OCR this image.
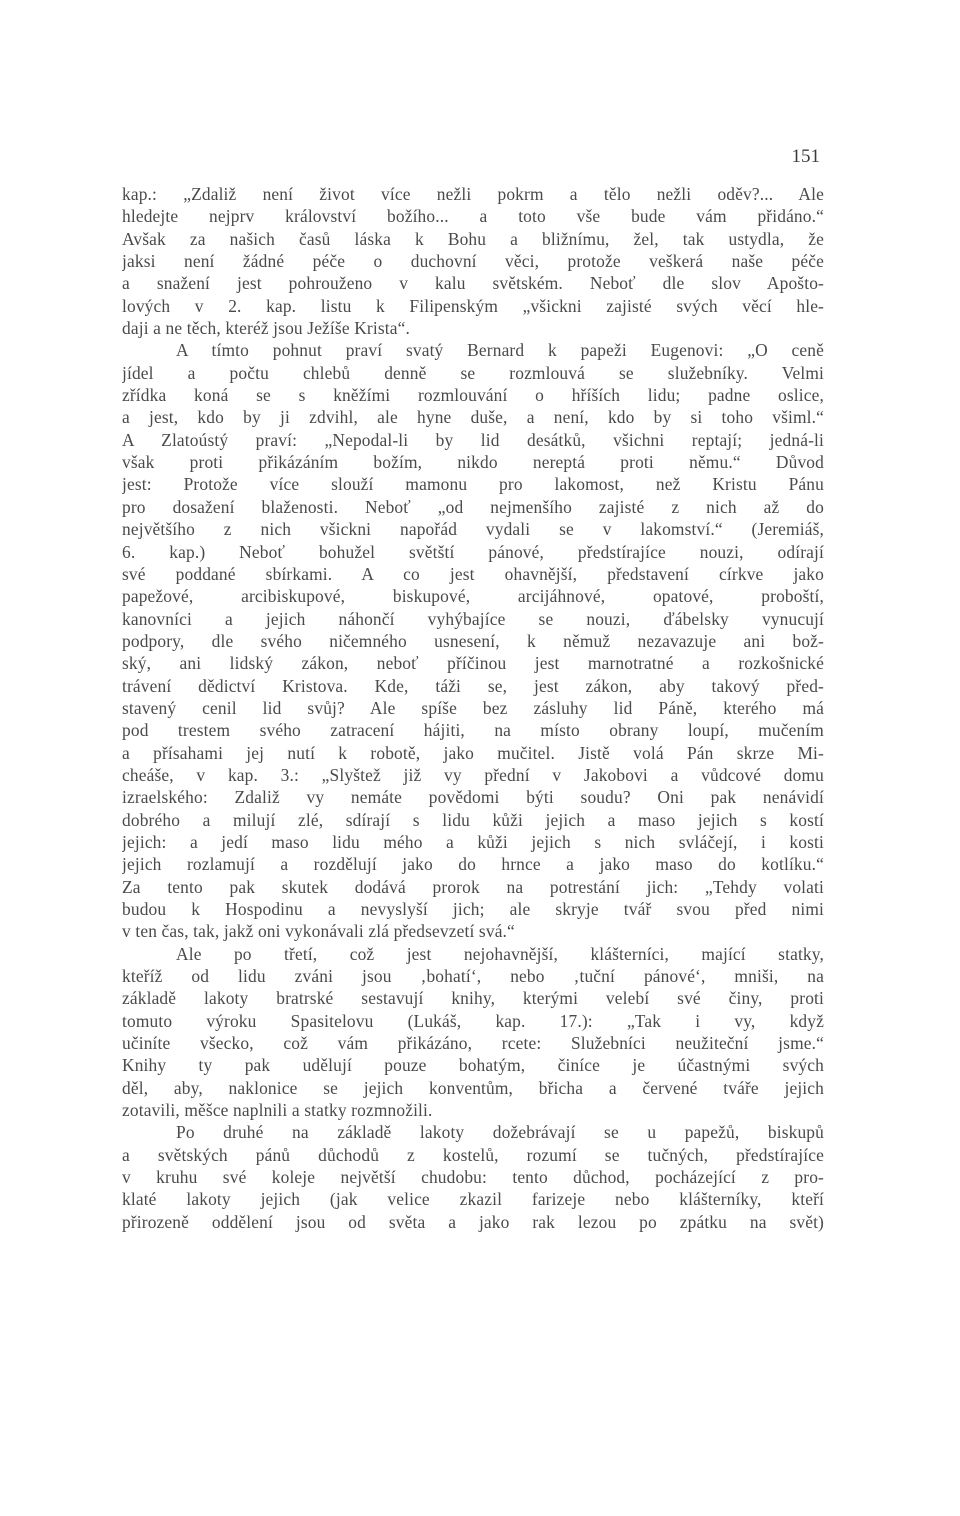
151
kap.: „Zdaliž není život více nežli pokrm a tělo nežli oděv?... Ale
hledejte nejprv království božího... a toto vše bude vám přidáno.“
Avšak za našich časů láska k Bohu a bližnímu, žel, tak ustydla, že
jaksi není žádné péče o duchovní věci, protože veškerá naše péče
a snažení jest pohrouženo v kalu světském. Neboť dle slov Apošto-
lových v 2. kap. listu k Filipenským „všickni zajisté svých věcí hle-
daji a ne těch, kteréž jsou Ježíše Krista“.
A tímto pohnut praví svatý Bernard k papeži Eugenovi: „O ceně
jídel a počtu chlebů denně se rozmlouvá se služebníky. Velmi
zřídka koná se s kněžími rozmlouvání o hříších lidu; padne oslice,
a jest, kdo by ji zdvihl, ale hyne duše, a není, kdo by si toho všiml.“
A Zlatoústý praví: „Nepodal-li by lid desátků, všichni reptají; jedná-li
však proti přikázáním božím, nikdo nereptá proti němu.“ Důvod
jest: Protože více slouží mamonu pro lakomost, než Kristu Pánu
pro dosažení blaženosti. Neboť „od nejmenšího zajisté z nich až do
největšího z nich všickni napořád vydali se v lakomství.“ (Jeremiáš,
6. kap.) Neboť bohužel světští pánové, předstírajíce nouzi, odírají
své poddané sbírkami. A co jest ohavnější, představení církve jako
papežové, arcibiskupové, biskupové, arcijáhnové, opatové, proboští,
kanovníci a jejich náhončí vyhýbajíce se nouzi, ďábelsky vynucují
podpory, dle svého ničemného usnesení, k němuž nezavazuje ani bož-
ský, ani lidský zákon, neboť příčinou jest marnotratné a rozkošnické
trávení dědictví Kristova. Kde, táži se, jest zákon, aby takový před-
stavený cenil lid svůj? Ale spíše bez zásluhy lid Páně, kterého má
pod trestem svého zatracení hájiti, na místo obrany loupí, mučením
a přísahami jej nutí k robotě, jako mučitel. Jistě volá Pán skrze Mi-
cheáše, v kap. 3.: „Slyštež již vy přední v Jakobovi a vůdcové domu
izraelského: Zdaliž vy nemáte povědomi býti soudu? Oni pak nenávidí
dobrého a milují zlé, sdírají s lidu kůži jejich a maso jejich s kostí
jejich: a jedí maso lidu mého a kůži jejich s nich svláčejí, i kosti
jejich rozlamují a rozdělují jako do hrnce a jako maso do kotlíku.“
Za tento pak skutek dodává prorok na potrestání jich: „Tehdy volati
budou k Hospodinu a nevyslyší jich; ale skryje tvář svou před nimi
v ten čas, tak, jakž oni vykonávali zlá předsevzetí svá.“
Ale po třetí, což jest nejohavnější, klášterníci, mající statky,
kteříž od lidu zváni jsou ‚bohatí‘, nebo ‚tuční pánové‘, mniši, na
základě lakoty bratrské sestavují knihy, kterými velebí své činy, proti
tomuto výroku Spasitelovu (Lukáš, kap. 17.): „Tak i vy, když
učiníte všecko, což vám přikázáno, rcete: Služebníci neužiteční jsme.“
Knihy ty pak udělují pouze bohatým, činíce je účastnými svých
děl, aby, naklonice se jejich konventům, břicha a červené tváře jejich
zotavili, měšce naplnili a statky rozmnožili.
Po druhé na základě lakoty dožebrávají se u papežů, biskupů
a světských pánů důchodů z kostelů, rozumí se tučných, předstírajíce
v kruhu své koleje největší chudobu: tento důchod, pocházející z pro-
klaté lakoty jejich (jak velice zkazil farizeje nebo klášterníky, kteří
přirozeně oddělení jsou od světa a jako rak lezou po zpátku na svět)
